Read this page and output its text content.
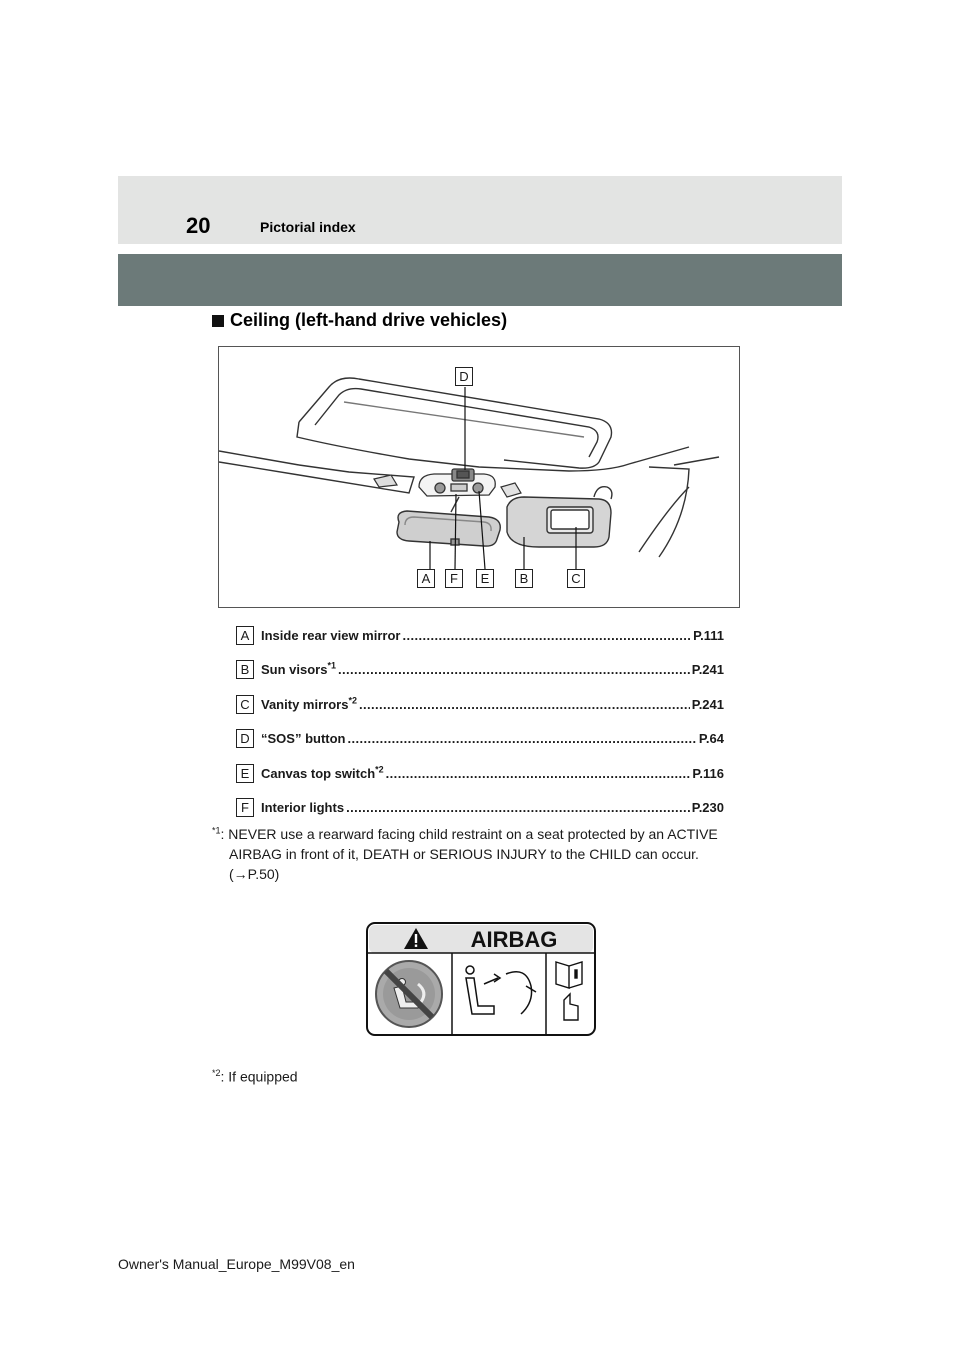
20	Pictorial index
Ceiling (left-hand drive vehicles)
D
A	F	E	B	C
A Inside rear view mirror .....	P.111
B Sun visors$^{*1}$ .....	P.241
C Vanity mirrors$^{*2}$ .....	P.241
D “SOS” button .....	P.64
E Canvas top switch$^{*2}$ .....	P.116
F Interior lights .....	P.230
$^{*1}$: NEVER use a rearward facing child restraint on a seat protected by an ACTIVE
AIRBAG in front of it, DEATH or SERIOUS INJURY to the CHILD can occur.
(→P.50)
AIRBAG
$^{*2}$: If equipped
Owner's Manual_Europe_M99V08_en
